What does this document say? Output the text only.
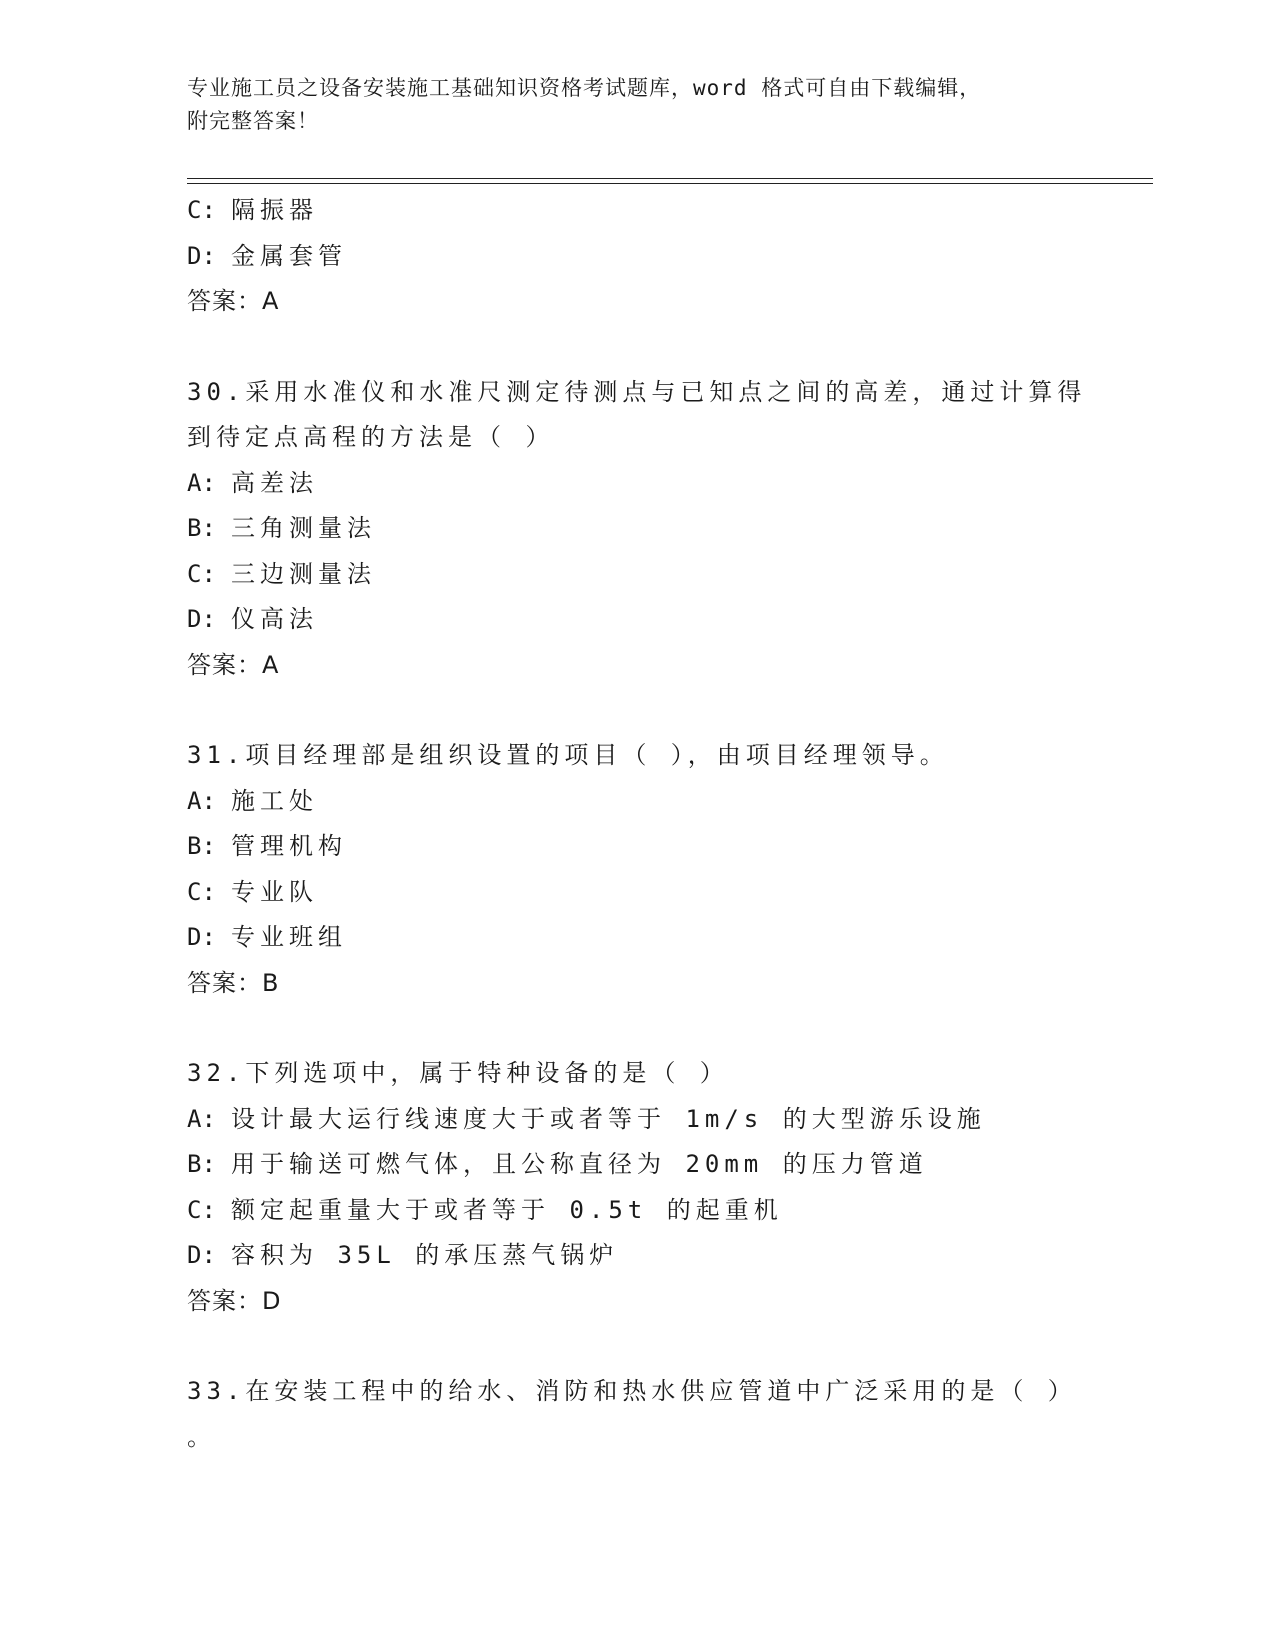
专业施工员之设备安装施工基础知识资格考试题库，word 格式可自由下载编辑，
附完整答案！
C: 隔振器
D: 金属套管
答案：A
30.采用水准仪和水准尺测定待测点与已知点之间的高差，通过计算得
到待定点高程的方法是（ ）
A: 高差法
B: 三角测量法
C: 三边测量法
D: 仪高法
答案：A
31.项目经理部是组织设置的项目（ ），由项目经理领导。
A: 施工处
B: 管理机构
C: 专业队
D: 专业班组
答案：B
32.下列选项中，属于特种设备的是（ ）
A: 设计最大运行线速度大于或者等于 1m/s 的大型游乐设施
B: 用于输送可燃气体，且公称直径为 20mm 的压力管道
C: 额定起重量大于或者等于 0.5t 的起重机
D: 容积为 35L 的承压蒸气锅炉
答案：D
33.在安装工程中的给水、消防和热水供应管道中广泛采用的是（ ）
。
